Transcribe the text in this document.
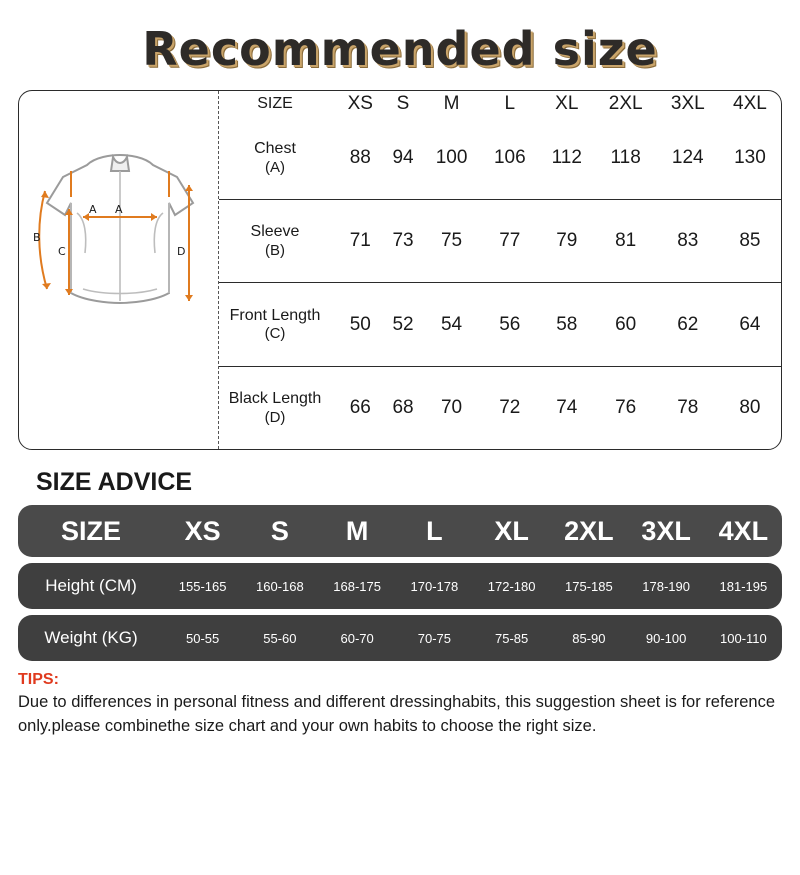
Recommended size
A
A
B
C	D
SIZE	XS	S	M	L	XL	2XL	3XL	4XL
Chest
(A)	88	94	100	106	112	118	124	130
Sleeve
(B)	71	73	75	77	79	81	83	85
Front Length
(C)	50	52	54	56	58	60	62	64
Black Length
(D)	66	68	70	72	74	76	78	80
SIZE ADVICE
SIZE	XS	S	M	L	XL	2XL	3XL	4XL
Height (CM)	155-165	160-168	168-175	170-178	172-180	175-185	178-190	181-195
Weight (KG)	50-55	55-60	60-70	70-75	75-85	85-90	90-100	100-110
TIPS:
Due to differences in personal fitness and different dressinghabits, this suggestion sheet is for reference only.please combinethe size chart and your own habits to choose the right size.
